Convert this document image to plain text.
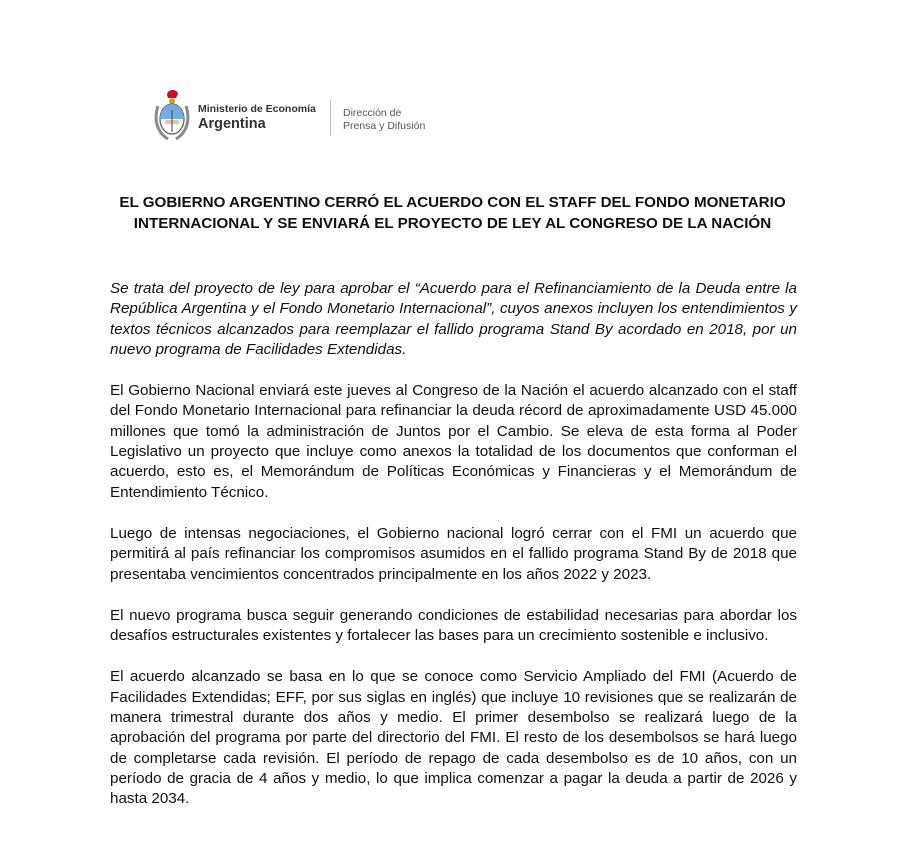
Ministerio de Economía
Argentina
Dirección de
Prensa y Difusión
EL GOBIERNO ARGENTINO CERRÓ EL ACUERDO CON EL STAFF DEL FONDO MONETARIO INTERNACIONAL Y SE ENVIARÁ EL PROYECTO DE LEY AL CONGRESO DE LA NACIÓN

Se trata del proyecto de ley para aprobar el “Acuerdo para el Refinanciamiento de la Deuda entre la República Argentina y el Fondo Monetario Internacional”, cuyos anexos incluyen los entendimientos y textos técnicos alcanzados para reemplazar el fallido programa Stand By acordado en 2018, por un nuevo programa de Facilidades Extendidas.

El Gobierno Nacional enviará este jueves al Congreso de la Nación el acuerdo alcanzado con el staff del Fondo Monetario Internacional para refinanciar la deuda récord de aproximadamente USD 45.000 millones que tomó la administración de Juntos por el Cambio. Se eleva de esta forma al Poder Legislativo un proyecto que incluye como anexos la totalidad de los documentos que conforman el acuerdo, esto es, el Memorándum de Políticas Económicas y Financieras y el Memorándum de Entendimiento Técnico.

Luego de intensas negociaciones, el Gobierno nacional logró cerrar con el FMI un acuerdo que permitirá al país refinanciar los compromisos asumidos en el fallido programa Stand By de 2018 que presentaba vencimientos concentrados principalmente en los años 2022 y 2023.

El nuevo programa busca seguir generando condiciones de estabilidad necesarias para abordar los desafíos estructurales existentes y fortalecer las bases para un crecimiento sostenible e inclusivo.

El acuerdo alcanzado se basa en lo que se conoce como Servicio Ampliado del FMI (Acuerdo de Facilidades Extendidas; EFF, por sus siglas en inglés) que incluye 10 revisiones que se realizarán de manera trimestral durante dos años y medio. El primer desembolso se realizará luego de la aprobación del programa por parte del directorio del FMI. El resto de los desembolsos se hará luego de completarse cada revisión. El período de repago de cada desembolso es de 10 años, con un período de gracia de 4 años y medio, lo que implica comenzar a pagar la deuda a partir de 2026 y hasta 2034.
